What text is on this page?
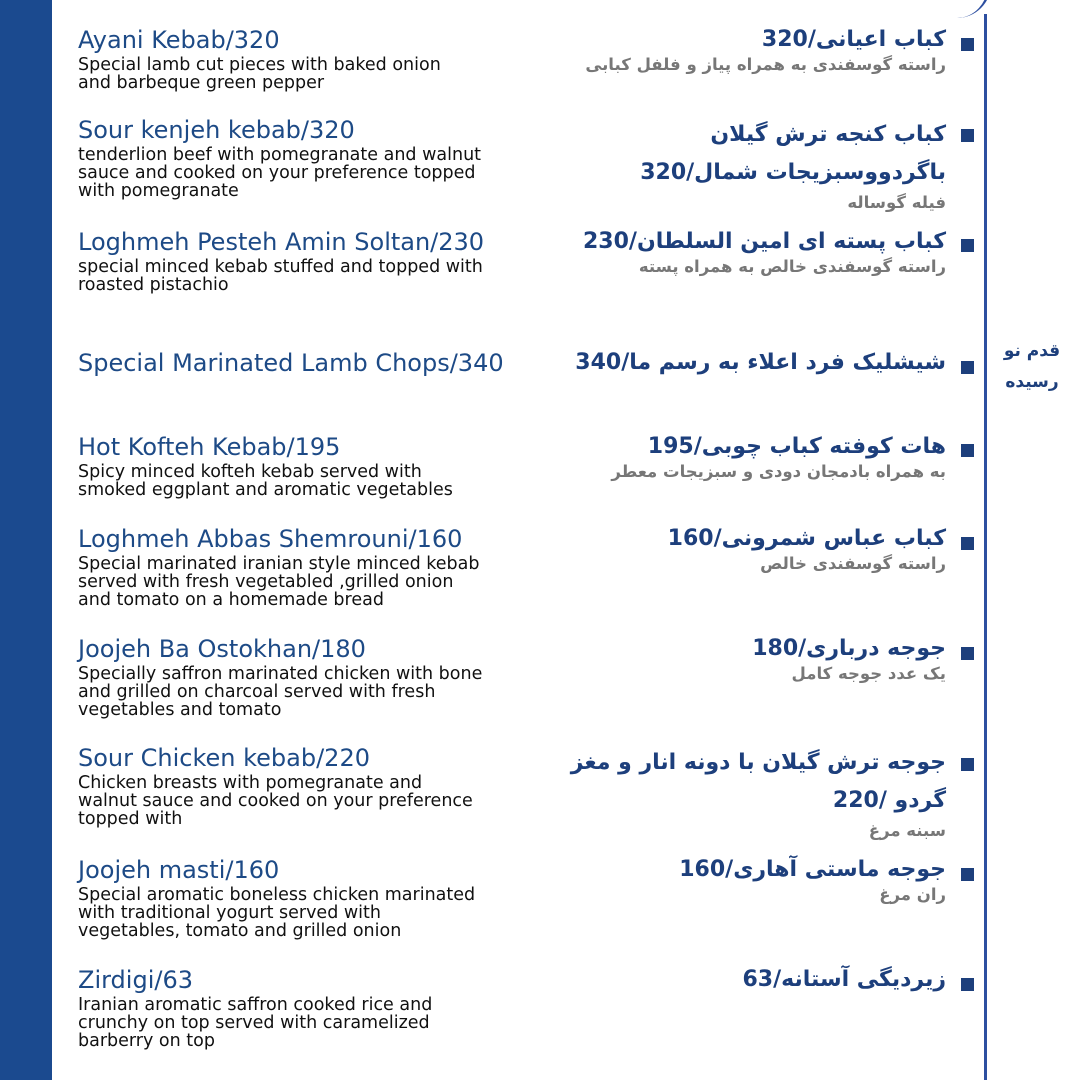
قدم نو
رسیده
Ayani Kebab/320
Special lamb cut pieces with baked onion
and barbeque green pepper
کباب اعیانی/320
راسته گوسفندی به همراه پیاز و فلفل کبابی
Sour kenjeh kebab/320
tenderlion beef with pomegranate and walnut
sauce and cooked on your preference topped
with pomegranate
کباب کنجه ترش گیلان
باگردووسبزیجات شمال/320
فیله گوساله
Loghmeh Pesteh Amin Soltan/230
special minced kebab stuffed and topped with
roasted pistachio
کباب پسته ای امین السلطان/230
راسته گوسفندی خالص به همراه پسته
Special Marinated Lamb Chops/340	شیشلیک فرد اعلاء به رسم ما/340
Hot Kofteh Kebab/195
Spicy minced kofteh kebab served with
smoked eggplant and aromatic vegetables
هات کوفته کباب چوبی/195
به همراه بادمجان دودی و سبزیجات معطر
Loghmeh Abbas Shemrouni/160
Special marinated iranian style minced kebab
served with fresh vegetabled ,grilled onion
and tomato on a homemade bread
کباب عباس شمرونی/160
راسته گوسفندی خالص
Joojeh Ba Ostokhan/180
Specially saffron marinated chicken with bone
and grilled on charcoal served with fresh
vegetables and tomato
جوجه درباری/180
یک عدد جوجه کامل
Sour Chicken kebab/220
Chicken breasts with pomegranate and
walnut sauce and cooked on your preference
topped with
جوجه ترش گیلان با دونه انار و مغز
گردو /220
سبنه مرغ
Joojeh masti/160
Special aromatic boneless chicken marinated
with traditional yogurt served with
vegetables, tomato and grilled onion
جوجه ماستی آهاری/160
ران مرغ
Zirdigi/63
Iranian aromatic saffron cooked rice and
crunchy on top served with caramelized
barberry on top
زیردیگی آستانه/63
